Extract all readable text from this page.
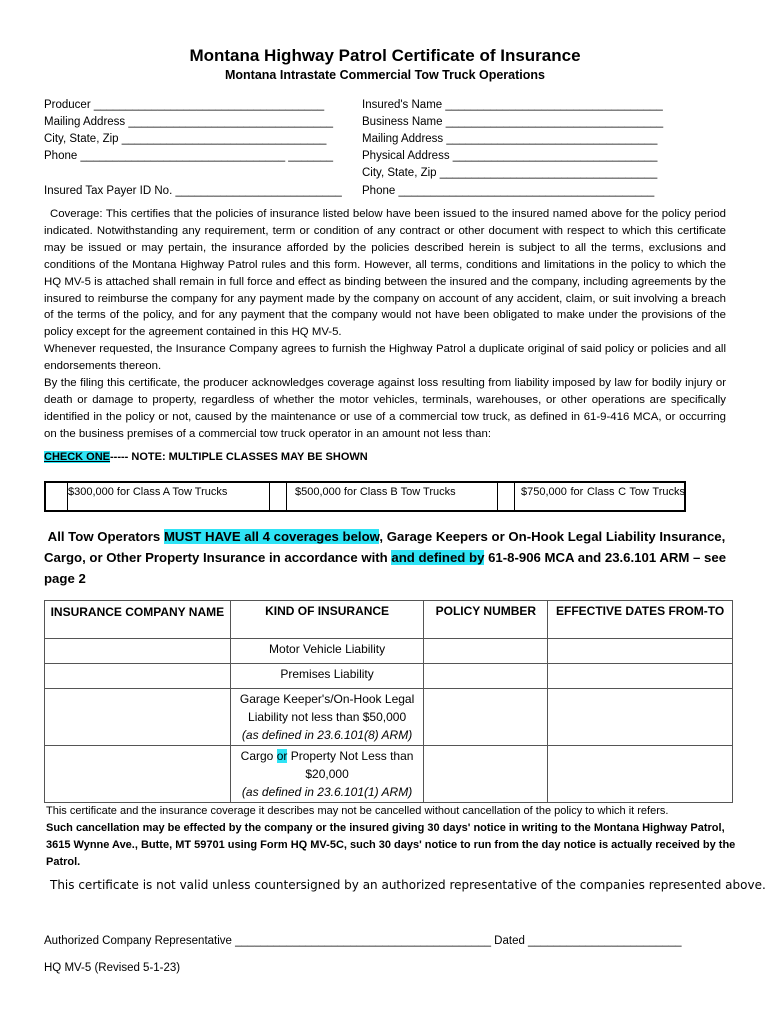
Montana Highway Patrol Certificate of Insurance
Montana Intrastate Commercial Tow Truck Operations
Producer ____________________________________
Mailing Address ________________________________
City, State, Zip ________________________________
Phone ________________________________ _______
Insured Tax Payer ID No. __________________________
Insured's Name __________________________________
Business Name __________________________________
Mailing Address _________________________________
Physical Address ________________________________
City, State, Zip __________________________________
Phone ________________________________________

Coverage: This certifies that the policies of insurance listed below have been issued to the insured named above for the policy period indicated. Notwithstanding any requirement, term or condition of any contract or other document with respect to which this certificate may be issued or may pertain, the insurance afforded by the policies described herein is subject to all the terms, exclusions and conditions of the Montana Highway Patrol rules and this form. However, all terms, conditions and limitations in the policy to which the HQ MV-5 is attached shall remain in full force and effect as binding between the insured and the company, including agreements by the insured to reimburse the company for any payment made by the company on account of any accident, claim, or suit involving a breach of the terms of the policy, and for any payment that the company would not have been obligated to make under the provisions of the policy except for the agreement contained in this HQ MV-5.

Whenever requested, the Insurance Company agrees to furnish the Highway Patrol a duplicate original of said policy or policies and all endorsements thereon.

By the filing this certificate, the producer acknowledges coverage against loss resulting from liability imposed by law for bodily injury or death or damage to property, regardless of whether the motor vehicles, terminals, warehouses, or other operations are specifically identified in the policy or not, caused by the maintenance or use of a commercial tow truck, as defined in 61-9-416 MCA, or occurring on the business premises of a commercial tow truck operator in an amount not less than:

CHECK ONE----- NOTE: MULTIPLE CLASSES MAY BE SHOWN
$300,000 for Class A Tow Trucks	$500,000 for Class B Tow Trucks	$750,000 for Class C Tow Trucks
All Tow Operators MUST HAVE all 4 coverages below, Garage Keepers or On-Hook Legal Liability Insurance, Cargo, or Other Property Insurance in accordance with and defined by 61-8-906 MCA and 23.6.101 ARM – see page 2
INSURANCE COMPANY NAME	KIND OF INSURANCE	POLICY NUMBER	EFFECTIVE DATES FROM-TO
	Motor Vehicle Liability		
	Premises Liability		

	Garage Keeper's/On-Hook Legal Liability not less than $50,000
(as defined in 23.6.101(8) ARM)		

	Cargo or Property Not Less than $20,000
(as defined in 23.6.101(1) ARM)		

This certificate and the insurance coverage it describes may not be cancelled without cancellation of the policy to which it refers.
Such cancellation may be effected by the company or the insured giving 30 days' notice in writing to the Montana Highway Patrol, 3615 Wynne Ave., Butte, MT 59701 using Form HQ MV-5C, such 30 days' notice to run from the day notice is actually received by the Patrol.
This certificate is not valid unless countersigned by an authorized representative of the companies represented above.
Authorized Company Representative ________________________________________ Dated ________________________
HQ MV-5 (Revised 5-1-23)
